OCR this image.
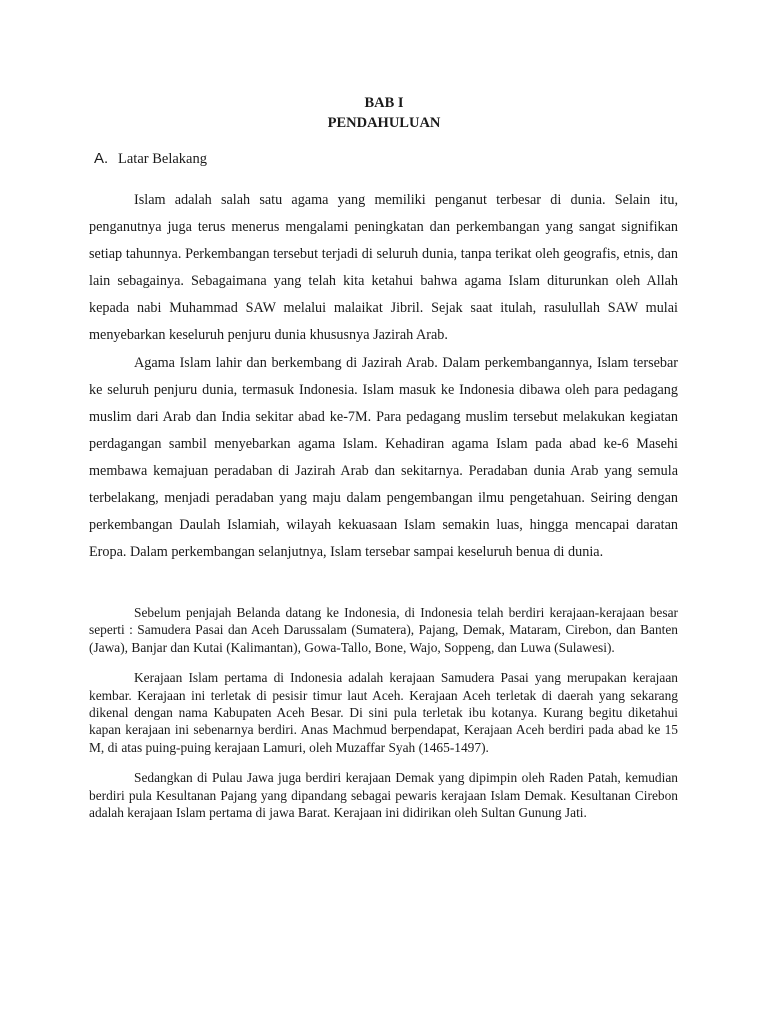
BAB I
PENDAHULUAN
A. Latar Belakang

Islam adalah salah satu agama yang memiliki penganut terbesar di dunia. Selain itu, penganutnya juga terus menerus mengalami peningkatan dan perkembangan yang sangat signifikan setiap tahunnya. Perkembangan tersebut terjadi di seluruh dunia, tanpa terikat oleh geografis, etnis, dan lain sebagainya. Sebagaimana yang telah kita ketahui bahwa agama Islam diturunkan oleh Allah kepada nabi Muhammad SAW melalui malaikat Jibril. Sejak saat itulah, rasulullah SAW mulai menyebarkan keseluruh penjuru dunia khususnya Jazirah Arab.

Agama Islam lahir dan berkembang di Jazirah Arab. Dalam perkembangannya, Islam tersebar ke seluruh penjuru dunia, termasuk Indonesia. Islam masuk ke Indonesia dibawa oleh para pedagang muslim dari Arab dan India sekitar abad ke-7M. Para pedagang muslim tersebut melakukan kegiatan perdagangan sambil menyebarkan agama Islam. Kehadiran agama Islam pada abad ke-6 Masehi membawa kemajuan peradaban di Jazirah Arab dan sekitarnya. Peradaban dunia Arab yang semula terbelakang, menjadi peradaban yang maju dalam pengembangan ilmu pengetahuan. Seiring dengan perkembangan Daulah Islamiah, wilayah kekuasaan Islam semakin luas, hingga mencapai daratan Eropa. Dalam perkembangan selanjutnya, Islam tersebar sampai keseluruh benua di dunia.

Sebelum penjajah Belanda datang ke Indonesia, di Indonesia telah berdiri kerajaan-kerajaan besar seperti : Samudera Pasai dan Aceh Darussalam (Sumatera), Pajang, Demak, Mataram, Cirebon, dan Banten (Jawa), Banjar dan Kutai (Kalimantan), Gowa-Tallo, Bone, Wajo, Soppeng, dan Luwa (Sulawesi).

Kerajaan Islam pertama di Indonesia adalah kerajaan Samudera Pasai yang merupakan kerajaan kembar. Kerajaan ini terletak di pesisir timur laut Aceh. Kerajaan Aceh terletak di daerah yang sekarang dikenal dengan nama Kabupaten Aceh Besar. Di sini pula terletak ibu kotanya. Kurang begitu diketahui kapan kerajaan ini sebenarnya berdiri. Anas Machmud berpendapat, Kerajaan Aceh berdiri pada abad ke 15 M, di atas puing-puing kerajaan Lamuri, oleh Muzaffar Syah (1465-1497).

Sedangkan di Pulau Jawa juga berdiri kerajaan Demak yang dipimpin oleh Raden Patah, kemudian berdiri pula Kesultanan Pajang yang dipandang sebagai pewaris kerajaan Islam Demak. Kesultanan Cirebon adalah kerajaan Islam pertama di jawa Barat. Kerajaan ini didirikan oleh Sultan Gunung Jati.
